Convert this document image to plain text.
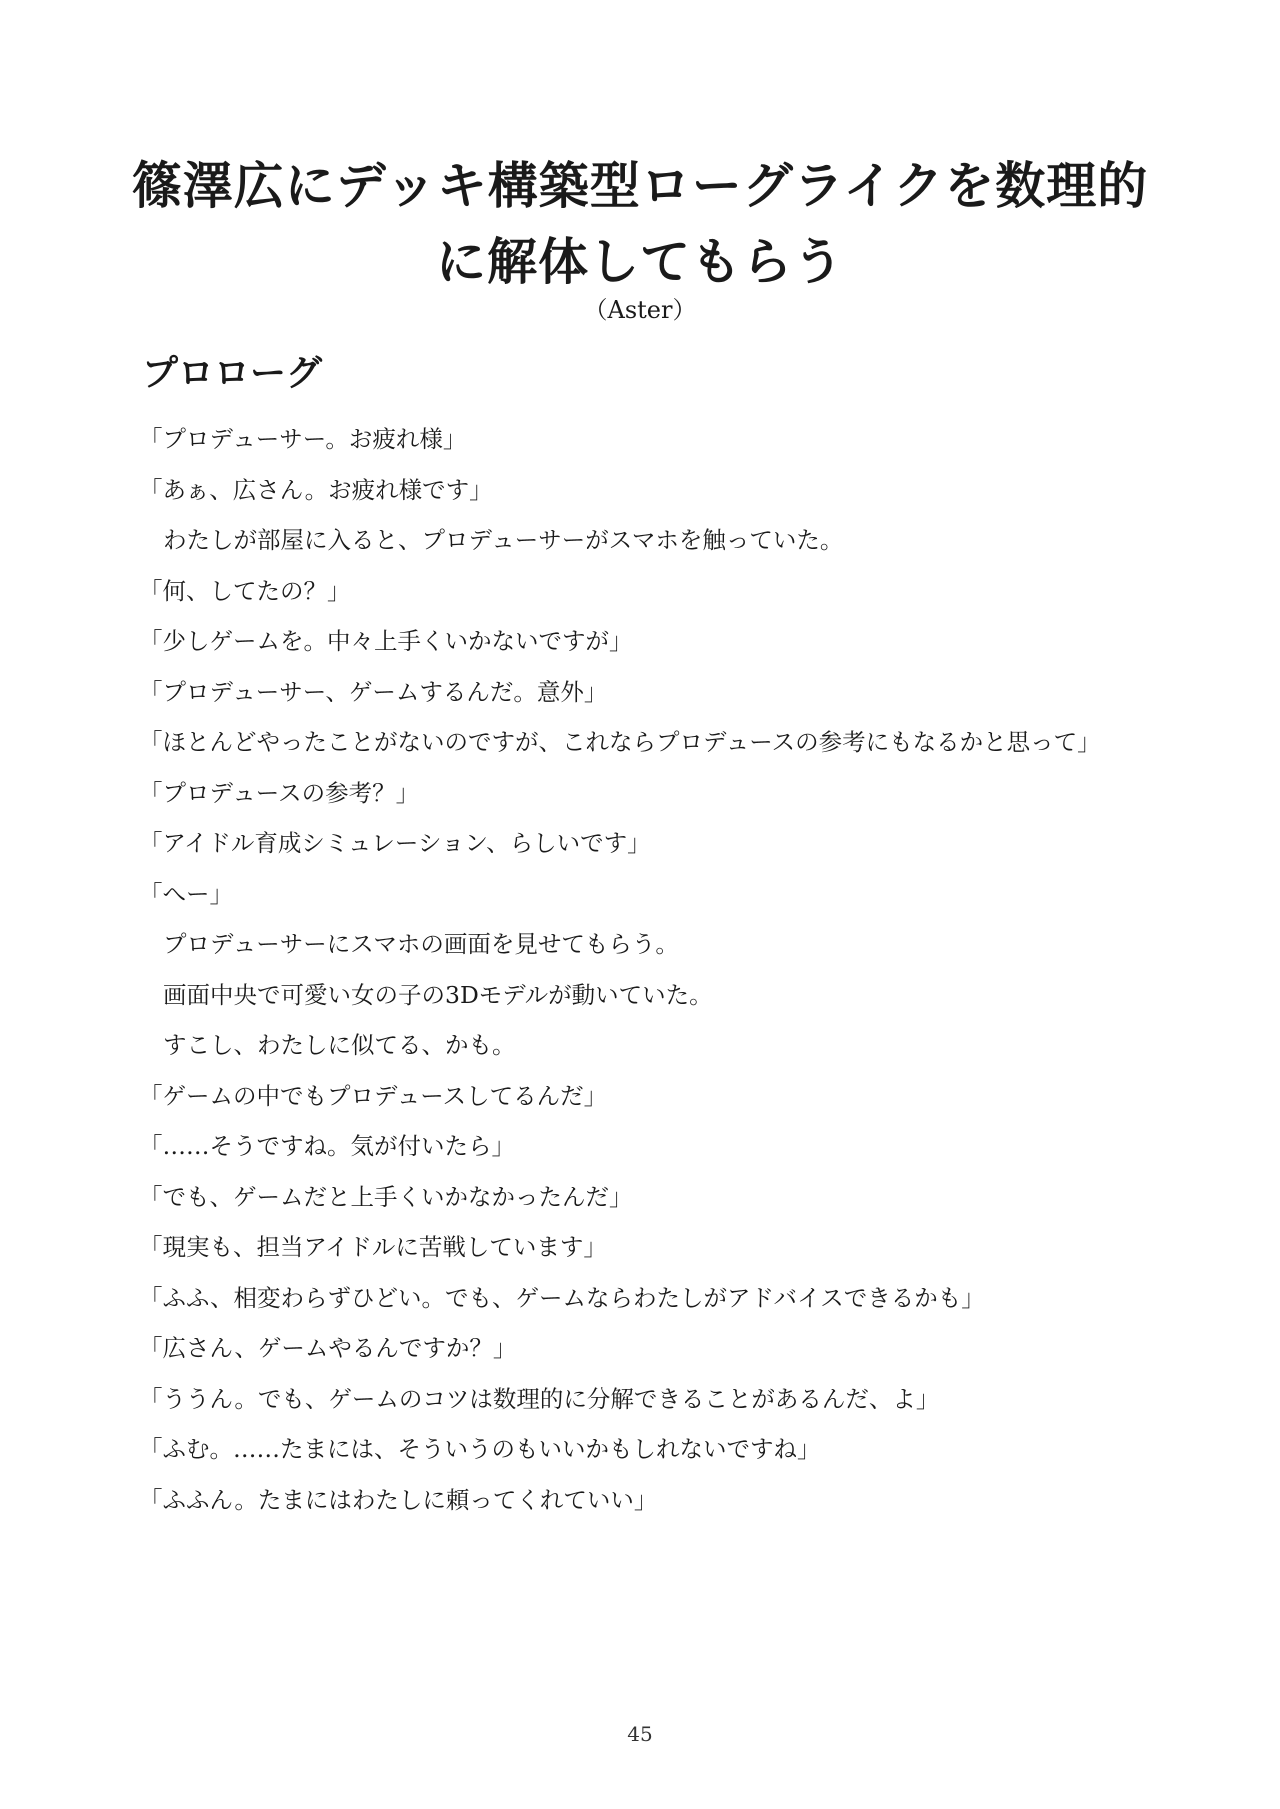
篠澤広にデッキ構築型ローグライクを数理的
に解体してもらう

（Aster）

プロローグ

「プロデューサー。お疲れ様」

「あぁ、広さん。お疲れ様です」

わたしが部屋に入ると、プロデューサーがスマホを触っていた。

「何、してたの？」

「少しゲームを。中々上手くいかないですが」

「プロデューサー、ゲームするんだ。意外」

「ほとんどやったことがないのですが、これならプロデュースの参考にもなるかと思って」

「プロデュースの参考？」

「アイドル育成シミュレーション、らしいです」

「へー」

プロデューサーにスマホの画面を見せてもらう。

画面中央で可愛い女の子の3Dモデルが動いていた。

すこし、わたしに似てる、かも。

「ゲームの中でもプロデュースしてるんだ」

「……そうですね。気が付いたら」

「でも、ゲームだと上手くいかなかったんだ」

「現実も、担当アイドルに苦戦しています」

「ふふ、相変わらずひどい。でも、ゲームならわたしがアドバイスできるかも」

「広さん、ゲームやるんですか？」

「ううん。でも、ゲームのコツは数理的に分解できることがあるんだ、よ」

「ふむ。……たまには、そういうのもいいかもしれないですね」

「ふふん。たまにはわたしに頼ってくれていい」

45
